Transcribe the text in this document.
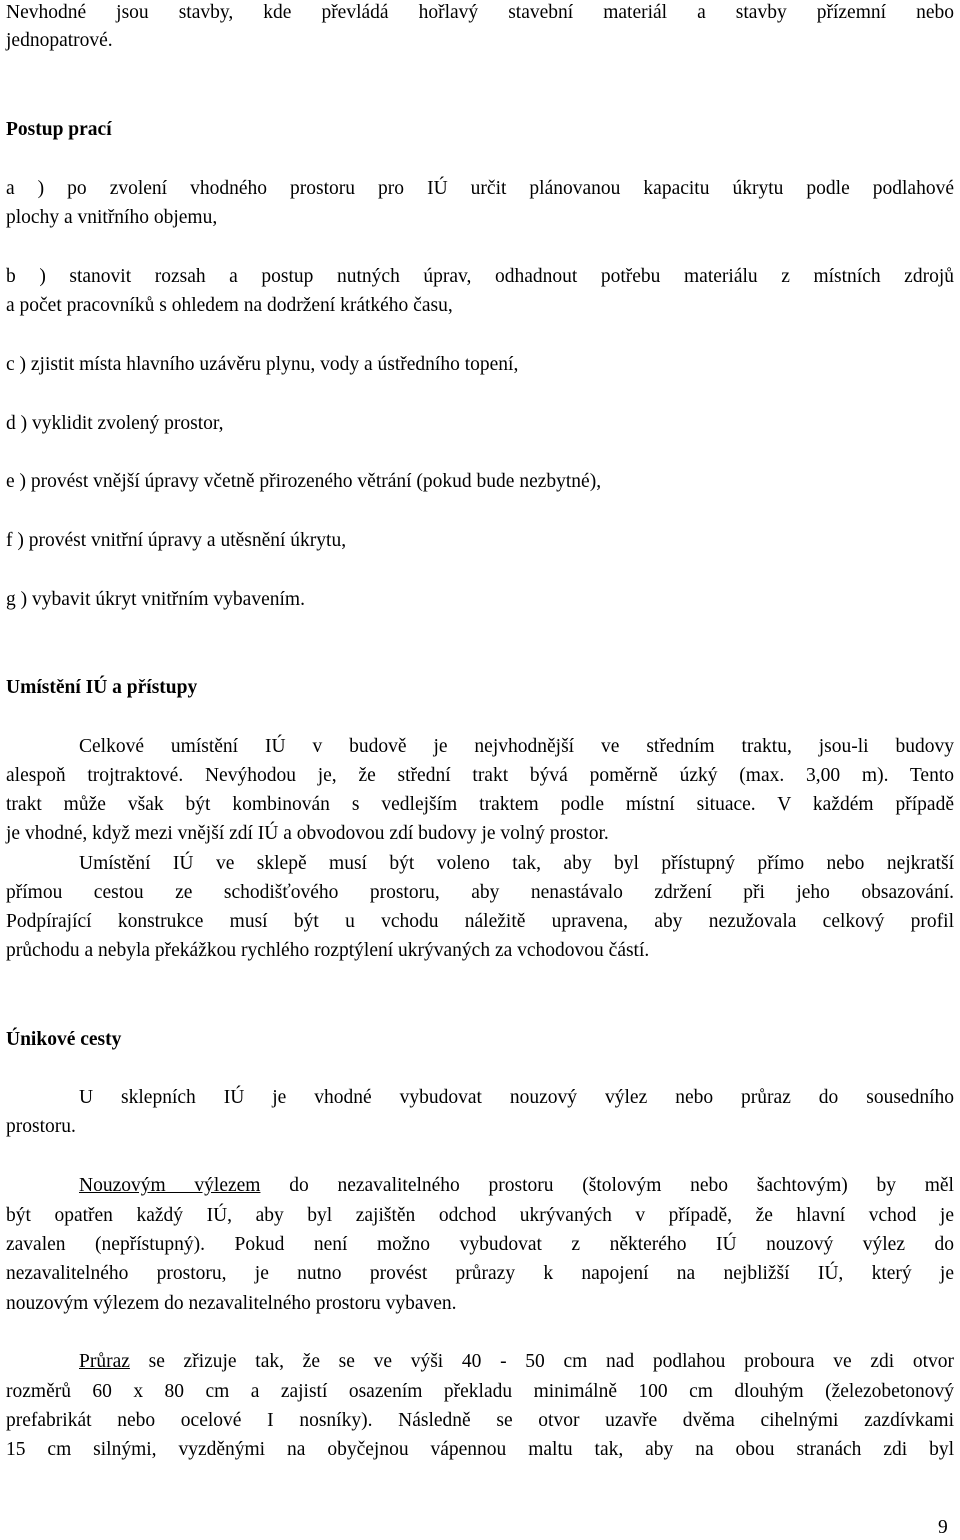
Nevhodné jsou stavby, kde převládá hořlavý stavební materiál a stavby přízemní nebo

jednopatrové.

Postup prací

a ) po zvolení vhodného prostoru pro IÚ určit plánovanou kapacitu úkrytu podle podlahové

plochy a vnitřního objemu,

b ) stanovit rozsah a postup nutných úprav, odhadnout potřebu materiálu z místních zdrojů

a počet pracovníků s ohledem na dodržení krátkého času,

c ) zjistit místa hlavního uzávěru plynu, vody a ústředního topení,

d ) vyklidit zvolený prostor,

e ) provést vnější úpravy včetně přirozeného větrání (pokud bude nezbytné),

f ) provést vnitřní úpravy a utěsnění úkrytu,

g ) vybavit úkryt vnitřním vybavením.

Umístění IÚ a přístupy

Celkové umístění IÚ v budově je nejvhodnější ve středním traktu, jsou-li budovy

alespoň trojtraktové. Nevýhodou je, že střední trakt bývá poměrně úzký (max. 3,00 m). Tento

trakt může však být kombinován s vedlejším traktem podle místní situace. V každém případě

je vhodné, když mezi vnější zdí IÚ a obvodovou zdí budovy je volný prostor.

Umístění IÚ ve sklepě musí být voleno tak, aby byl přístupný přímo nebo nejkratší

přímou cestou ze schodišťového prostoru, aby nenastávalo zdržení při jeho obsazování.

Podpírající konstrukce musí být u vchodu náležitě upravena, aby nezužovala celkový profil

průchodu a nebyla překážkou rychlého rozptýlení ukrývaných za vchodovou částí.

Únikové cesty

U sklepních IÚ je vhodné vybudovat nouzový výlez nebo průraz do sousedního

prostoru.

Nouzovým výlezem do nezavalitelného prostoru (štolovým nebo šachtovým) by měl

být opatřen každý IÚ, aby byl zajištěn odchod ukrývaných v případě, že hlavní vchod je

zavalen (nepřístupný). Pokud není možno vybudovat z některého IÚ nouzový výlez do

nezavalitelného prostoru, je nutno provést průrazy k napojení na nejbližší IÚ, který je

nouzovým výlezem do nezavalitelného prostoru vybaven.

Průraz se zřizuje tak, že se ve výši 40 - 50 cm nad podlahou proboura ve zdi otvor

rozměrů 60 x 80 cm a zajistí osazením překladu minimálně 100 cm dlouhým (železobetonový

prefabrikát nebo ocelové I nosníky). Následně se otvor uzavře dvěma cihelnými zazdívkami

15 cm silnými, vyzděnými na obyčejnou vápennou maltu tak, aby na obou stranách zdi byl

9
